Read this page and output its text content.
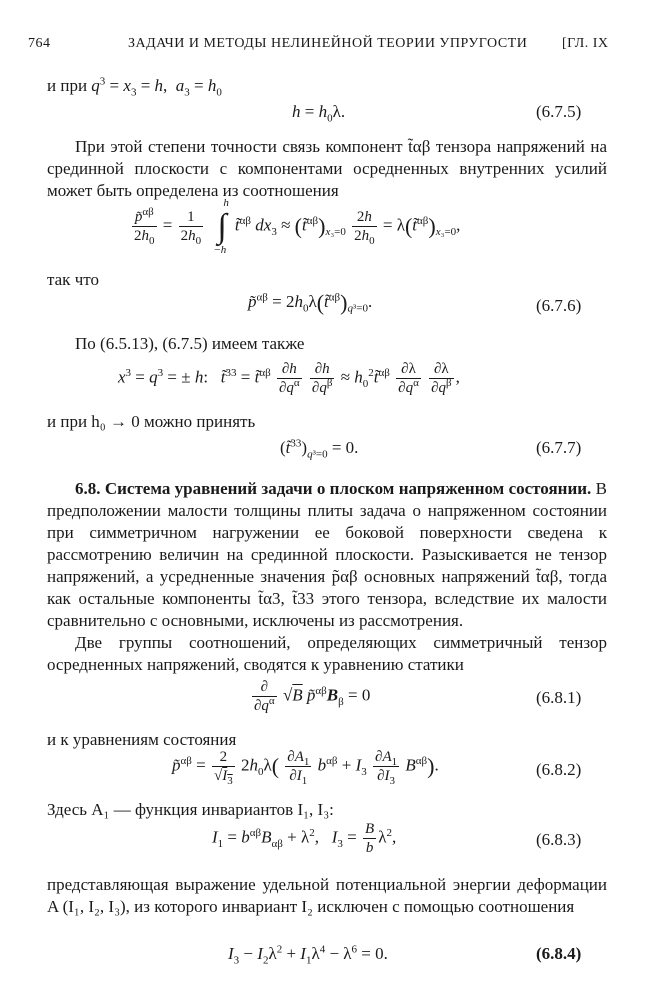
764	ЗАДАЧИ И МЕТОДЫ НЕЛИНЕЙНОЙ ТЕОРИИ УПРУГОСТИ [ГЛ. IX
и при $q^3 = x_3 = h$,  $a_3 = h_0$
$h = h_0\lambda$.	(6.7.5)
При этой степени точности связь компонент t̃αβ тензора напряжений на срединной плоскости с компонентами осредненных внутренних усилий может быть определена из соотношения
$\frac{p̃^{\alpha\beta}}{2h_0} = \frac{1}{2h_0}$ ∫
h
−h
t̃$^{\alpha\beta}$ $dx_3$ ≈ $(t̃^{\alpha\beta})_{x_3=0} \frac{2h}{2h_0}$ = $\lambda(t̃^{\alpha\beta})_{x_3=0}$,
так что
p̃$^{\alpha\beta}$ = $2h_0\lambda(t̃^{\alpha\beta})_{q^3=0}$.	(6.7.6)
По (6.5.13), (6.7.5) имеем также
$x^3 = q^3$ = ± h:   t̃$^{33}$ = t̃$^{\alpha\beta}$ $\frac{\partial h}{\partial q^\alpha}$
$\frac{\partial h}{\partial q^\beta}$ ≈ $h_0^2t̃^{\alpha\beta} \frac{\partial\lambda}{\partial q^\alpha}$
$\frac{\partial\lambda}{\partial q^\beta}$ ,
и при h₀ → 0 можно принять
$(t̃^{33})_{q^3=0} = 0$.	(6.7.7)
6.8. Система уравнений задачи о плоском напряженном состоянии. В предположении малости толщины плиты задача о напряженном состоянии при симметричном нагружении ее боковой поверхности сведена к рассмотрению величин на срединной плоскости. Разыскивается не тензор напряжений, а усредненные значения p̃αβ основных напряжений t̃αβ, тогда как остальные компоненты t̃α3, t̃33 этого тензора, вследствие их малости сравнительно с основными, исключены из рассмотрения.
Две группы соотношений, определяющих симметричный тензор осредненных напряжений, сводятся к уравнению статики
$\frac{\partial}{\partial q^\alpha} √B$ $p̃^{\alpha\beta}B_\beta = 0$	(6.8.1)
и к уравнениям состояния
p̃$^{\alpha\beta}$ = $\frac{2}{√I_3} 2h_0\lambda( \frac{\partial A_1}{\partial I_1} b^{\alpha\beta} + I_3 \frac{\partial A_1}{\partial I_3} B^{\alpha\beta})$.	(6.8.2)
Здесь A₁ — функция инвариантов I₁, I₃:
$I_1 = b^{\alpha\beta}B_{\alpha\beta} + \lambda^2$,   $I_3 = \frac{B}{b} \lambda^2$,	(6.8.3)
представляющая выражение удельной потенциальной энергии деформации A (I₁, I₂, I₃), из которого инвариант I₂ исключен с помощью соотношения
$I_3 - I_2\lambda^2 + I_1\lambda^4 - \lambda^6 = 0$.	(6.8.4)
